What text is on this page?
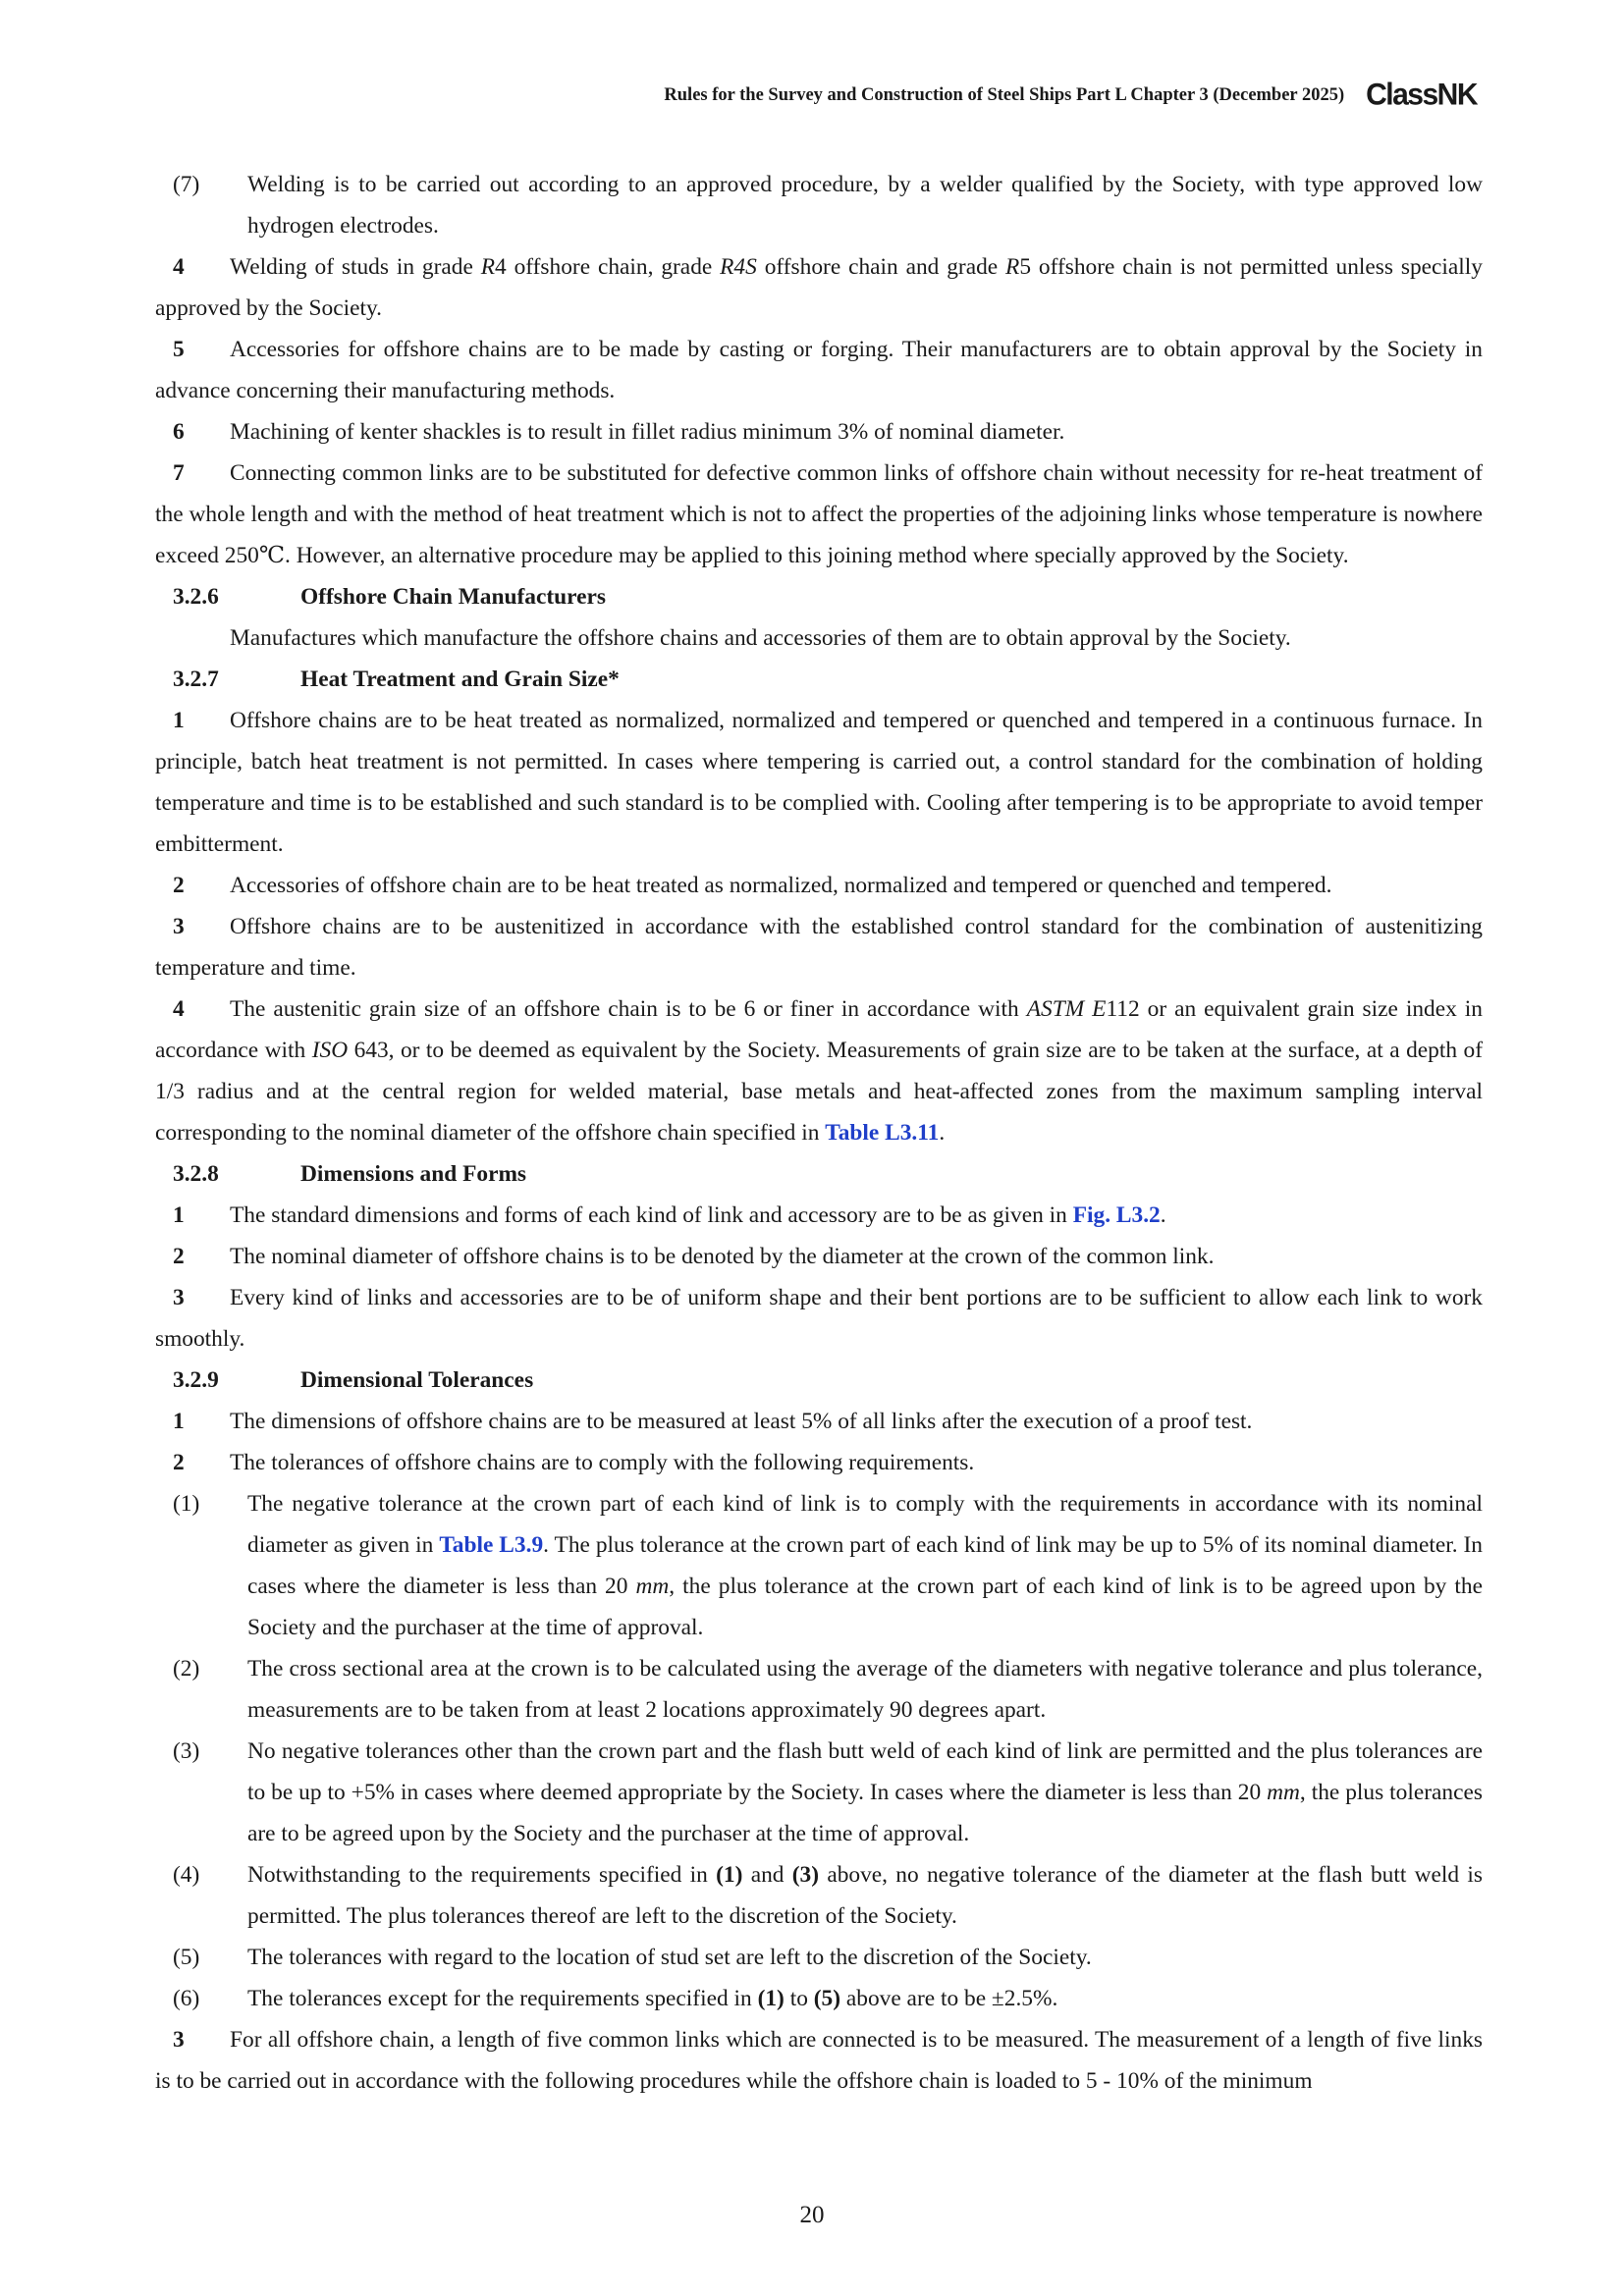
Rules for the Survey and Construction of Steel Ships Part L Chapter 3 (December 2025) ClassNK
(7)	Welding is to be carried out according to an approved procedure, by a welder qualified by the Society, with type approved low hydrogen electrodes.

4 Welding of studs in grade R4 offshore chain, grade R4S offshore chain and grade R5 offshore chain is not permitted unless specially approved by the Society.

5 Accessories for offshore chains are to be made by casting or forging. Their manufacturers are to obtain approval by the Society in advance concerning their manufacturing methods.

6 Machining of kenter shackles is to result in fillet radius minimum 3% of nominal diameter.

7 Connecting common links are to be substituted for defective common links of offshore chain without necessity for re-heat treatment of the whole length and with the method of heat treatment which is not to affect the properties of the adjoining links whose temperature is nowhere exceed 250℃. However, an alternative procedure may be applied to this joining method where specially approved by the Society.

3.2.6	Offshore Chain Manufacturers

Manufactures which manufacture the offshore chains and accessories of them are to obtain approval by the Society.

3.2.7	Heat Treatment and Grain Size*

1 Offshore chains are to be heat treated as normalized, normalized and tempered or quenched and tempered in a continuous furnace. In principle, batch heat treatment is not permitted. In cases where tempering is carried out, a control standard for the combination of holding temperature and time is to be established and such standard is to be complied with. Cooling after tempering is to be appropriate to avoid temper embitterment.

2 Accessories of offshore chain are to be heat treated as normalized, normalized and tempered or quenched and tempered.

3 Offshore chains are to be austenitized in accordance with the established control standard for the combination of austenitizing temperature and time.

4 The austenitic grain size of an offshore chain is to be 6 or finer in accordance with ASTM E112 or an equivalent grain size index in accordance with ISO 643, or to be deemed as equivalent by the Society. Measurements of grain size are to be taken at the surface, at a depth of 1/3 radius and at the central region for welded material, base metals and heat-affected zones from the maximum sampling interval corresponding to the nominal diameter of the offshore chain specified in Table L3.11.

3.2.8	Dimensions and Forms

1 The standard dimensions and forms of each kind of link and accessory are to be as given in Fig. L3.2.

2 The nominal diameter of offshore chains is to be denoted by the diameter at the crown of the common link.

3 Every kind of links and accessories are to be of uniform shape and their bent portions are to be sufficient to allow each link to work smoothly.

3.2.9	Dimensional Tolerances

1 The dimensions of offshore chains are to be measured at least 5% of all links after the execution of a proof test.

2 The tolerances of offshore chains are to comply with the following requirements.

(1)	The negative tolerance at the crown part of each kind of link is to comply with the requirements in accordance with its nominal diameter as given in Table L3.9. The plus tolerance at the crown part of each kind of link may be up to 5% of its nominal diameter. In cases where the diameter is less than 20 mm, the plus tolerance at the crown part of each kind of link is to be agreed upon by the Society and the purchaser at the time of approval.
(2)	The cross sectional area at the crown is to be calculated using the average of the diameters with negative tolerance and plus tolerance, measurements are to be taken from at least 2 locations approximately 90 degrees apart.
(3)	No negative tolerances other than the crown part and the flash butt weld of each kind of link are permitted and the plus tolerances are to be up to +5% in cases where deemed appropriate by the Society. In cases where the diameter is less than 20 mm, the plus tolerances are to be agreed upon by the Society and the purchaser at the time of approval.
(4)	Notwithstanding to the requirements specified in (1) and (3) above, no negative tolerance of the diameter at the flash butt weld is permitted. The plus tolerances thereof are left to the discretion of the Society.
(5)	The tolerances with regard to the location of stud set are left to the discretion of the Society.
(6)	The tolerances except for the requirements specified in (1) to (5) above are to be ±2.5%.

3 For all offshore chain, a length of five common links which are connected is to be measured. The measurement of a length of five links is to be carried out in accordance with the following procedures while the offshore chain is loaded to 5 - 10% of the minimum

20
